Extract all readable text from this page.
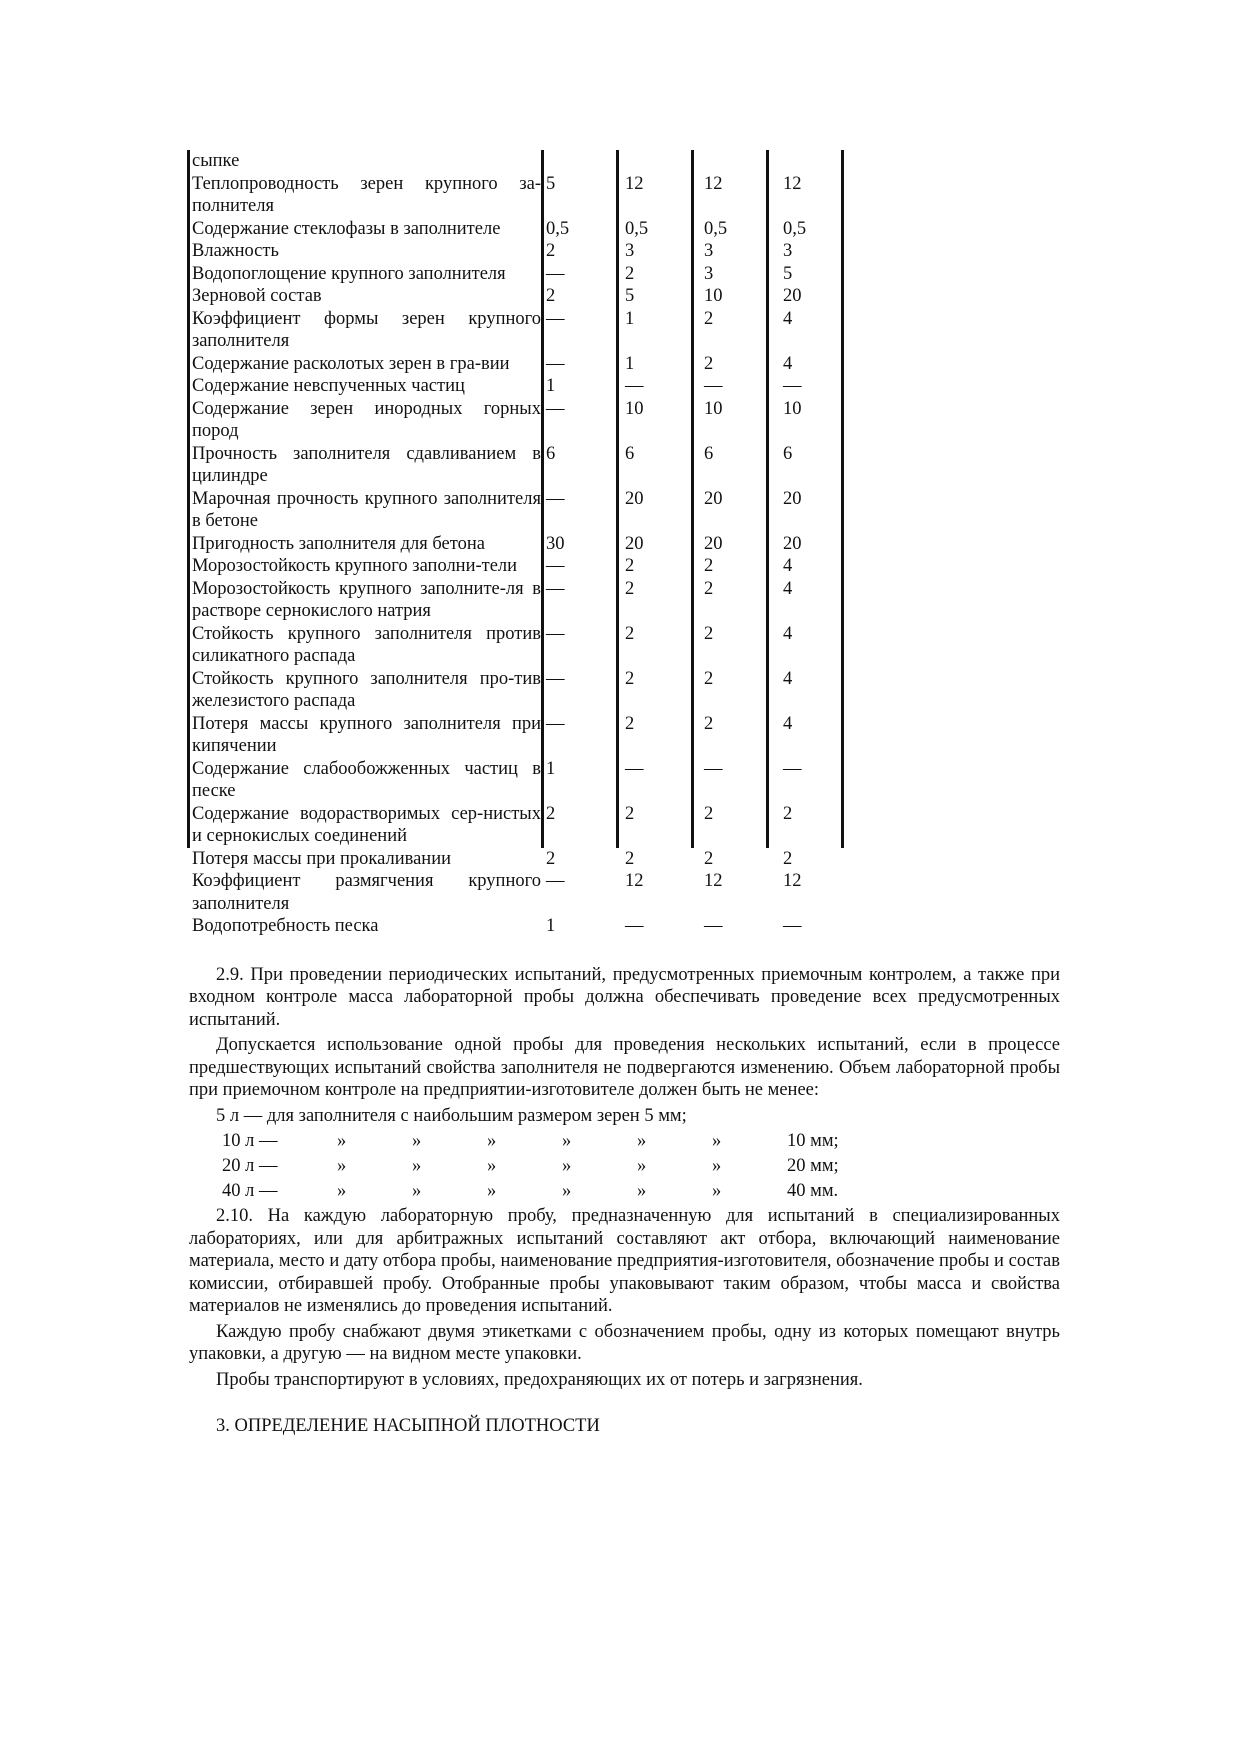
сыпке				
Теплопроводность зерен крупного за-полнителя	5	12	12	12
Содержание стеклофазы в заполнителе	0,5	0,5	0,5	0,5
Влажность	2	3	3	3
Водопоглощение крупного заполнителя	—	2	3	5
Зерновой состав	2	5	10	20
Коэффициент формы зерен крупного заполнителя	—	1	2	4
Содержание расколотых зерен в гра-вии	—	1	2	4
Содержание невспученных частиц	1	—	—	—
Содержание зерен инородных горных пород	—	10	10	10
Прочность заполнителя сдавливанием в цилиндре	6	6	6	6
Марочная прочность крупного заполнителя в бетоне	—	20	20	20
Пригодность заполнителя для бетона	30	20	20	20
Морозостойкость крупного заполни-тели	—	2	2	4
Морозостойкость крупного заполните-ля в растворе сернокислого натрия	—	2	2	4
Стойкость крупного заполнителя против силикатного распада	—	2	2	4
Стойкость крупного заполнителя про-тив железистого распада	—	2	2	4
Потеря массы крупного заполнителя при кипячении	—	2	2	4
Содержание слабообожженных частиц в песке	1	—	—	—
Содержание водорастворимых сер-нистых и сернокислых соединений	2	2	2	2
Потеря массы при прокаливании	2	2	2	2
Коэффициент размягчения крупного заполнителя	—	12	12	12
Водопотребность песка	1	—	—	—

2.9. При проведении периодических испытаний, предусмотренных приемочным контролем, а также при входном контроле масса лабораторной пробы должна обеспечивать проведение всех предусмотренных испытаний.

Допускается использование одной пробы для проведения нескольких испытаний, если в процессе предшествующих испытаний свойства заполнителя не подвергаются изменению. Объем лабораторной пробы при приемочном контроле на предприятии-изготовителе должен быть не менее:

5 л — для заполнителя с наибольшим размером зерен 5 мм;

10 л —	»	»	»	»	»	»	10 мм;
20 л —	»	»	»	»	»	»	20 мм;
40 л —	»	»	»	»	»	»	40 мм.

2.10. На каждую лабораторную пробу, предназначенную для испытаний в специализированных лабораториях, или для арбитражных испытаний составляют акт отбора, включающий наименование материала, место и дату отбора пробы, наименование предприятия-изготовителя, обозначение пробы и состав комиссии, отбиравшей пробу. Отобранные пробы упаковывают таким образом, чтобы масса и свойства материалов не изменялись до проведения испытаний.

Каждую пробу снабжают двумя этикетками с обозначением пробы, одну из которых помещают внутрь упаковки, а другую — на видном месте упаковки.

Пробы транспортируют в условиях, предохраняющих их от потерь и загрязнения.

3. ОПРЕДЕЛЕНИЕ НАСЫПНОЙ ПЛОТНОСТИ
